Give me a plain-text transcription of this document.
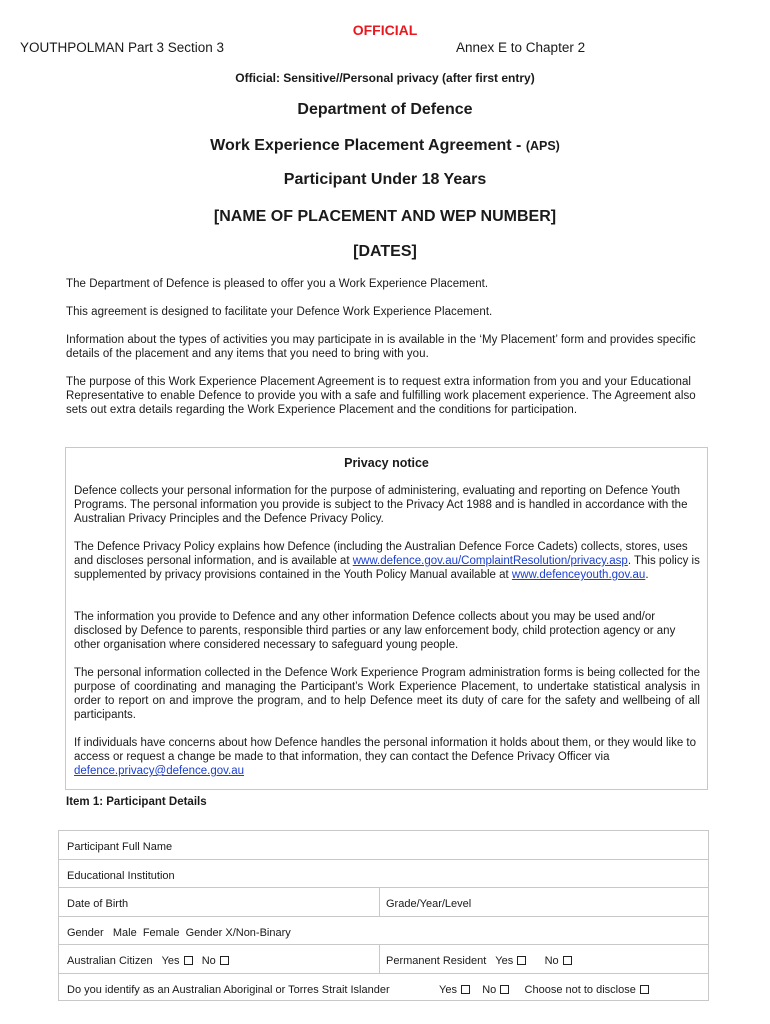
OFFICIAL
YOUTHPOLMAN Part 3 Section 3	Annex E to Chapter 2
Official: Sensitive//Personal privacy (after first entry)
Department of Defence
Work Experience Placement Agreement - (APS)
Participant Under 18 Years
[NAME OF PLACEMENT AND WEP NUMBER]
[DATES]

The Department of Defence is pleased to offer you a Work Experience Placement.

This agreement is designed to facilitate your Defence Work Experience Placement.

Information about the types of activities you may participate in is available in the ‘My Placement’ form and provides specific details of the placement and any items that you need to bring with you.

The purpose of this Work Experience Placement Agreement is to request extra information from you and your Educational Representative to enable Defence to provide you with a safe and fulfilling work placement experience. The Agreement also sets out extra details regarding the Work Experience Placement and the conditions for participation.

Privacy notice

Defence collects your personal information for the purpose of administering, evaluating and reporting on Defence Youth Programs. The personal information you provide is subject to the Privacy Act 1988 and is handled in accordance with the Australian Privacy Principles and the Defence Privacy Policy.

The Defence Privacy Policy explains how Defence (including the Australian Defence Force Cadets) collects, stores, uses and discloses personal information, and is available at www.defence.gov.au/ComplaintResolution/privacy.asp. This policy is supplemented by privacy provisions contained in the Youth Policy Manual available at www.defenceyouth.gov.au.

The information you provide to Defence and any other information Defence collects about you may be used and/or disclosed by Defence to parents, responsible third parties or any law enforcement body, child protection agency or any other organisation where considered necessary to safeguard young people.

The personal information collected in the Defence Work Experience Program administration forms is being collected for the purpose of coordinating and managing the Participant’s Work Experience Placement, to undertake statistical analysis in order to report on and improve the program, and to help Defence meet its duty of care for the safety and wellbeing of all participants.

If individuals have concerns about how Defence handles the personal information it holds about them, or they would like to access or request a change be made to that information, they can contact the Defence Privacy Officer via defence.privacy@defence.gov.au

Item 1: Participant Details
Participant Full Name
Educational Institution
Date of Birth	Grade/Year/Level
Gender   Male  Female  Gender X/Non-Binary
Australian Citizen Yes No	Permanent Resident Yes	No
Do you identify as an Australian Aboriginal or Torres Strait Islander	Yes No	Choose not to disclose
